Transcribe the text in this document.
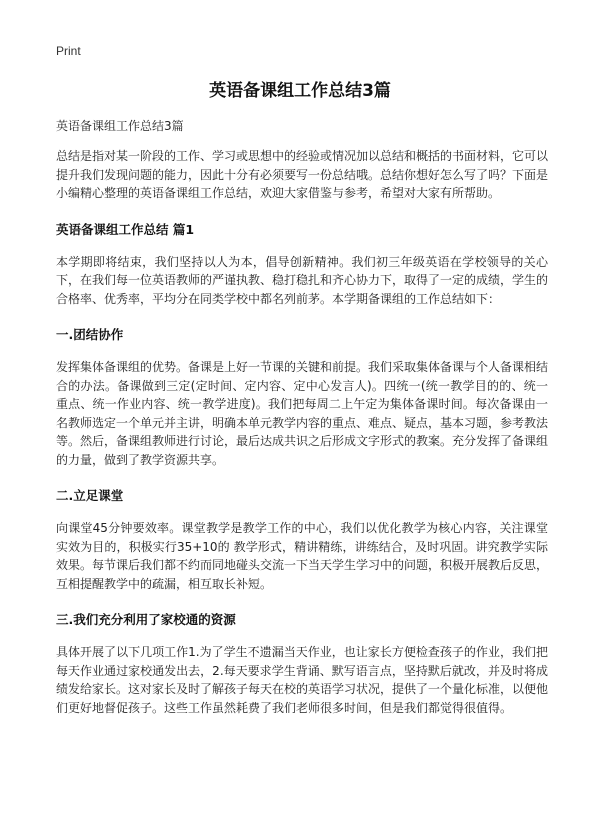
Print
英语备课组工作总结3篇

英语备课组工作总结3篇

总结是指对某一阶段的工作、学习或思想中的经验或情况加以总结和概括的书面材料，它可以提升我们发现问题的能力，因此十分有必须要写一份总结哦。总结你想好怎么写了吗？下面是小编精心整理的英语备课组工作总结，欢迎大家借鉴与参考，希望对大家有所帮助。

英语备课组工作总结 篇1

本学期即将结束，我们坚持以人为本，倡导创新精神。我们初三年级英语在学校领导的关心下，在我们每一位英语教师的严谨执教、稳打稳扎和齐心协力下，取得了一定的成绩，学生的合格率、优秀率，平均分在同类学校中都名列前茅。本学期备课组的工作总结如下：

一.团结协作

发挥集体备课组的优势。备课是上好一节课的关键和前提。我们采取集体备课与个人备课相结合的办法。备课做到三定(定时间、定内容、定中心发言人)。四统一(统一教学目的的、统一重点、统一作业内容、统一教学进度)。我们把每周二上午定为集体备课时间。每次备课由一名教师选定一个单元并主讲，明确本单元教学内容的重点、难点、疑点，基本习题，参考教法等。然后，备课组教师进行讨论，最后达成共识之后形成文字形式的教案。充分发挥了备课组的力量，做到了教学资源共享。

二.立足课堂

向课堂45分钟要效率。课堂教学是教学工作的中心，我们以优化教学为核心内容，关注课堂实效为目的，积极实行35+10的 教学形式，精讲精练，讲练结合，及时巩固。讲究教学实际效果。每节课后我们都不约而同地碰头交流一下当天学生学习中的问题，积极开展教后反思，互相提醒教学中的疏漏，相互取长补短。

三.我们充分利用了家校通的资源

具体开展了以下几项工作1.为了学生不遗漏当天作业，也让家长方便检查孩子的作业，我们把每天作业通过家校通发出去，2.每天要求学生背诵、默写语言点，坚持默后就改，并及时将成绩发给家长。这对家长及时了解孩子每天在校的英语学习状况，提供了一个量化标准，以便他们更好地督促孩子。这些工作虽然耗费了我们老师很多时间，但是我们都觉得很值得。
